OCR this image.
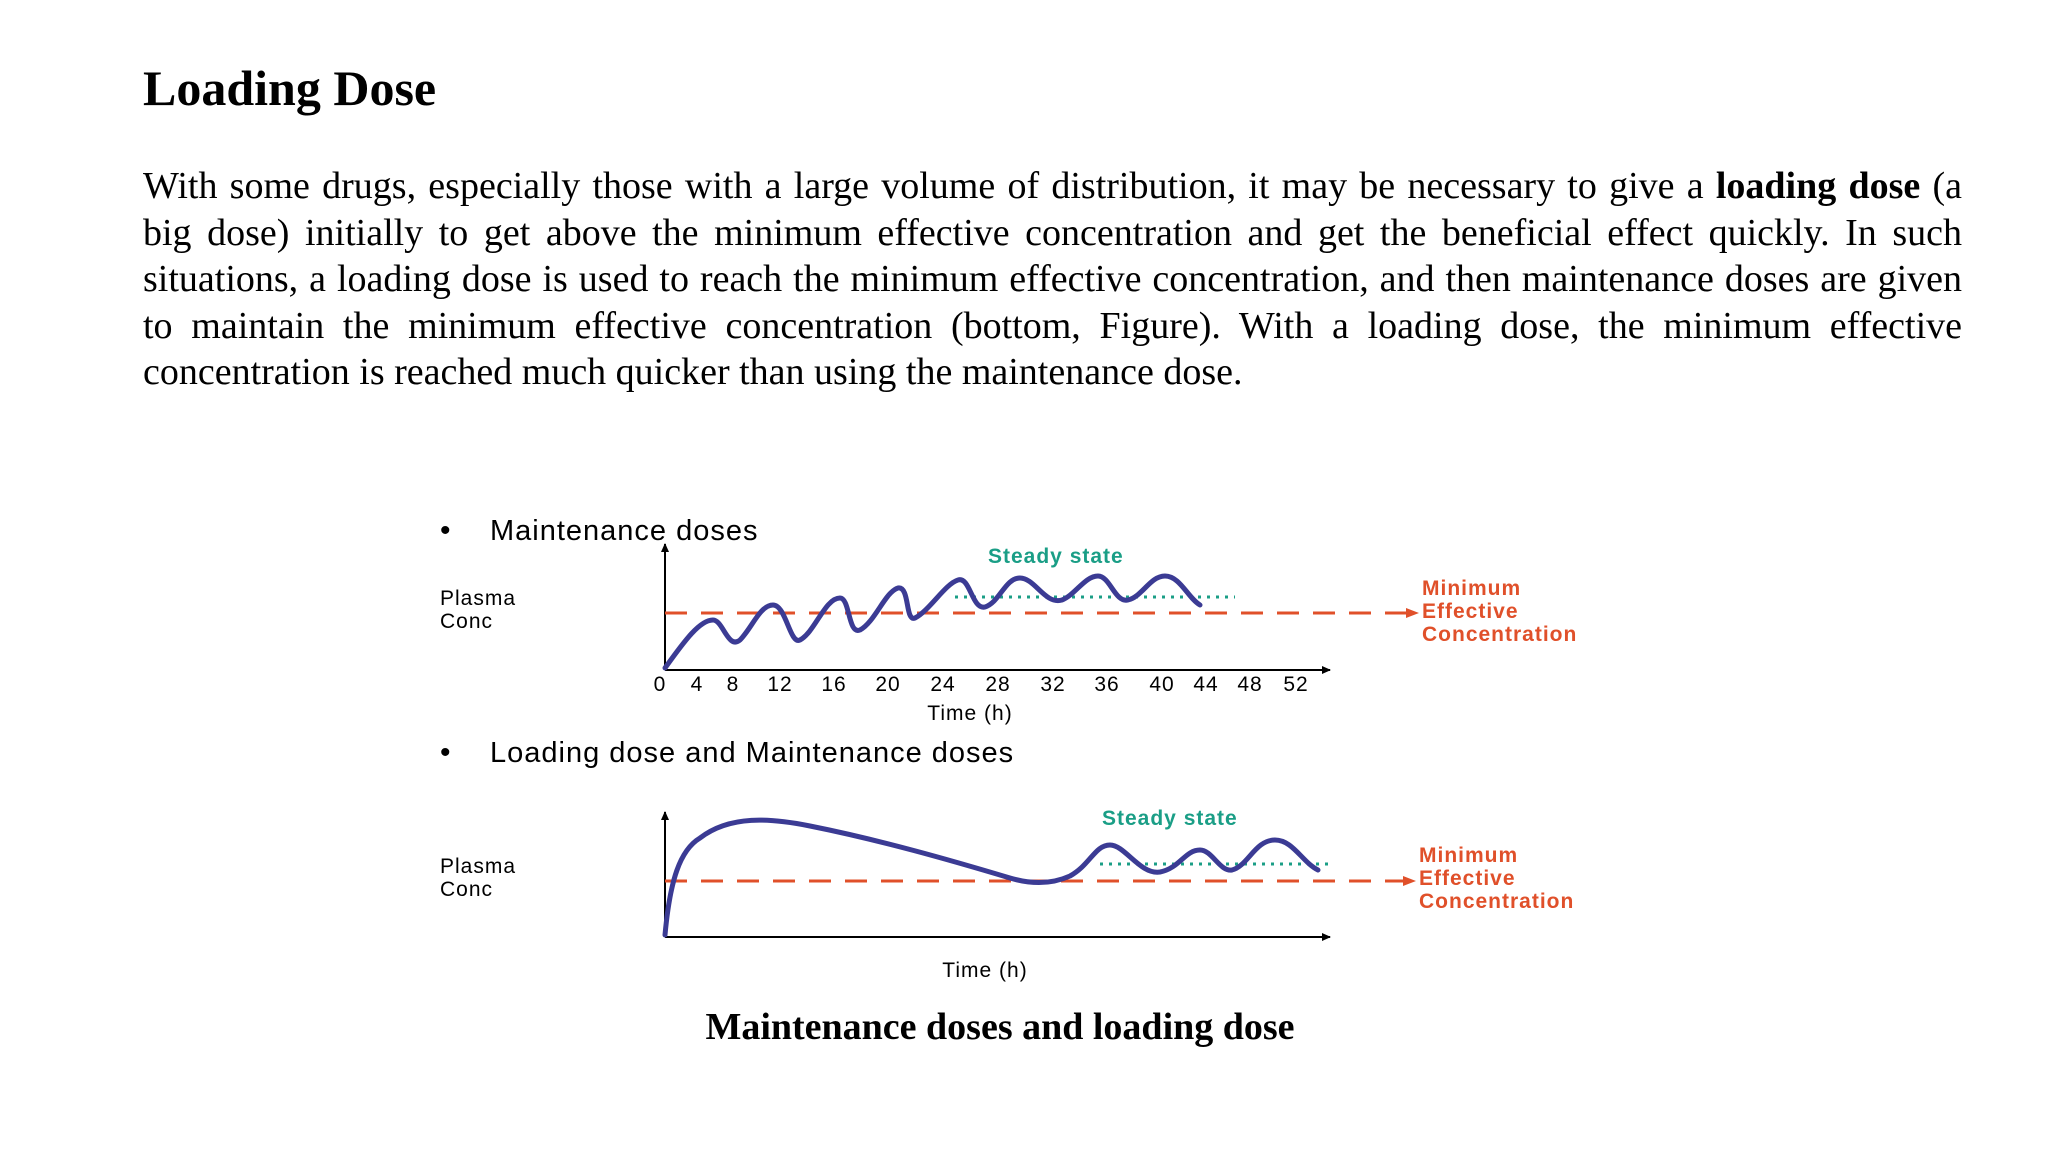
Loading Dose

With some drugs, especially those with a large volume of distribution, it may be necessary to give a loading dose (a big dose) initially to get above the minimum effective concentration and get the beneficial effect quickly. In such situations, a loading dose is used to reach the minimum effective concentration, and then maintenance doses are given to maintain the minimum effective concentration (bottom, Figure). With a loading dose, the minimum effective concentration is reached much quicker than using the maintenance dose.

• Maintenance doses
Plasma
Conc
Steady state
Minimum
Effective
Concentration
0 4 8 12 16 20 24 28 32 36 40 44 48 52
Time (h)
• Loading dose and Maintenance doses
Plasma
Conc
Steady state
Minimum
Effective
Concentration
Time (h)
Maintenance doses and loading dose
